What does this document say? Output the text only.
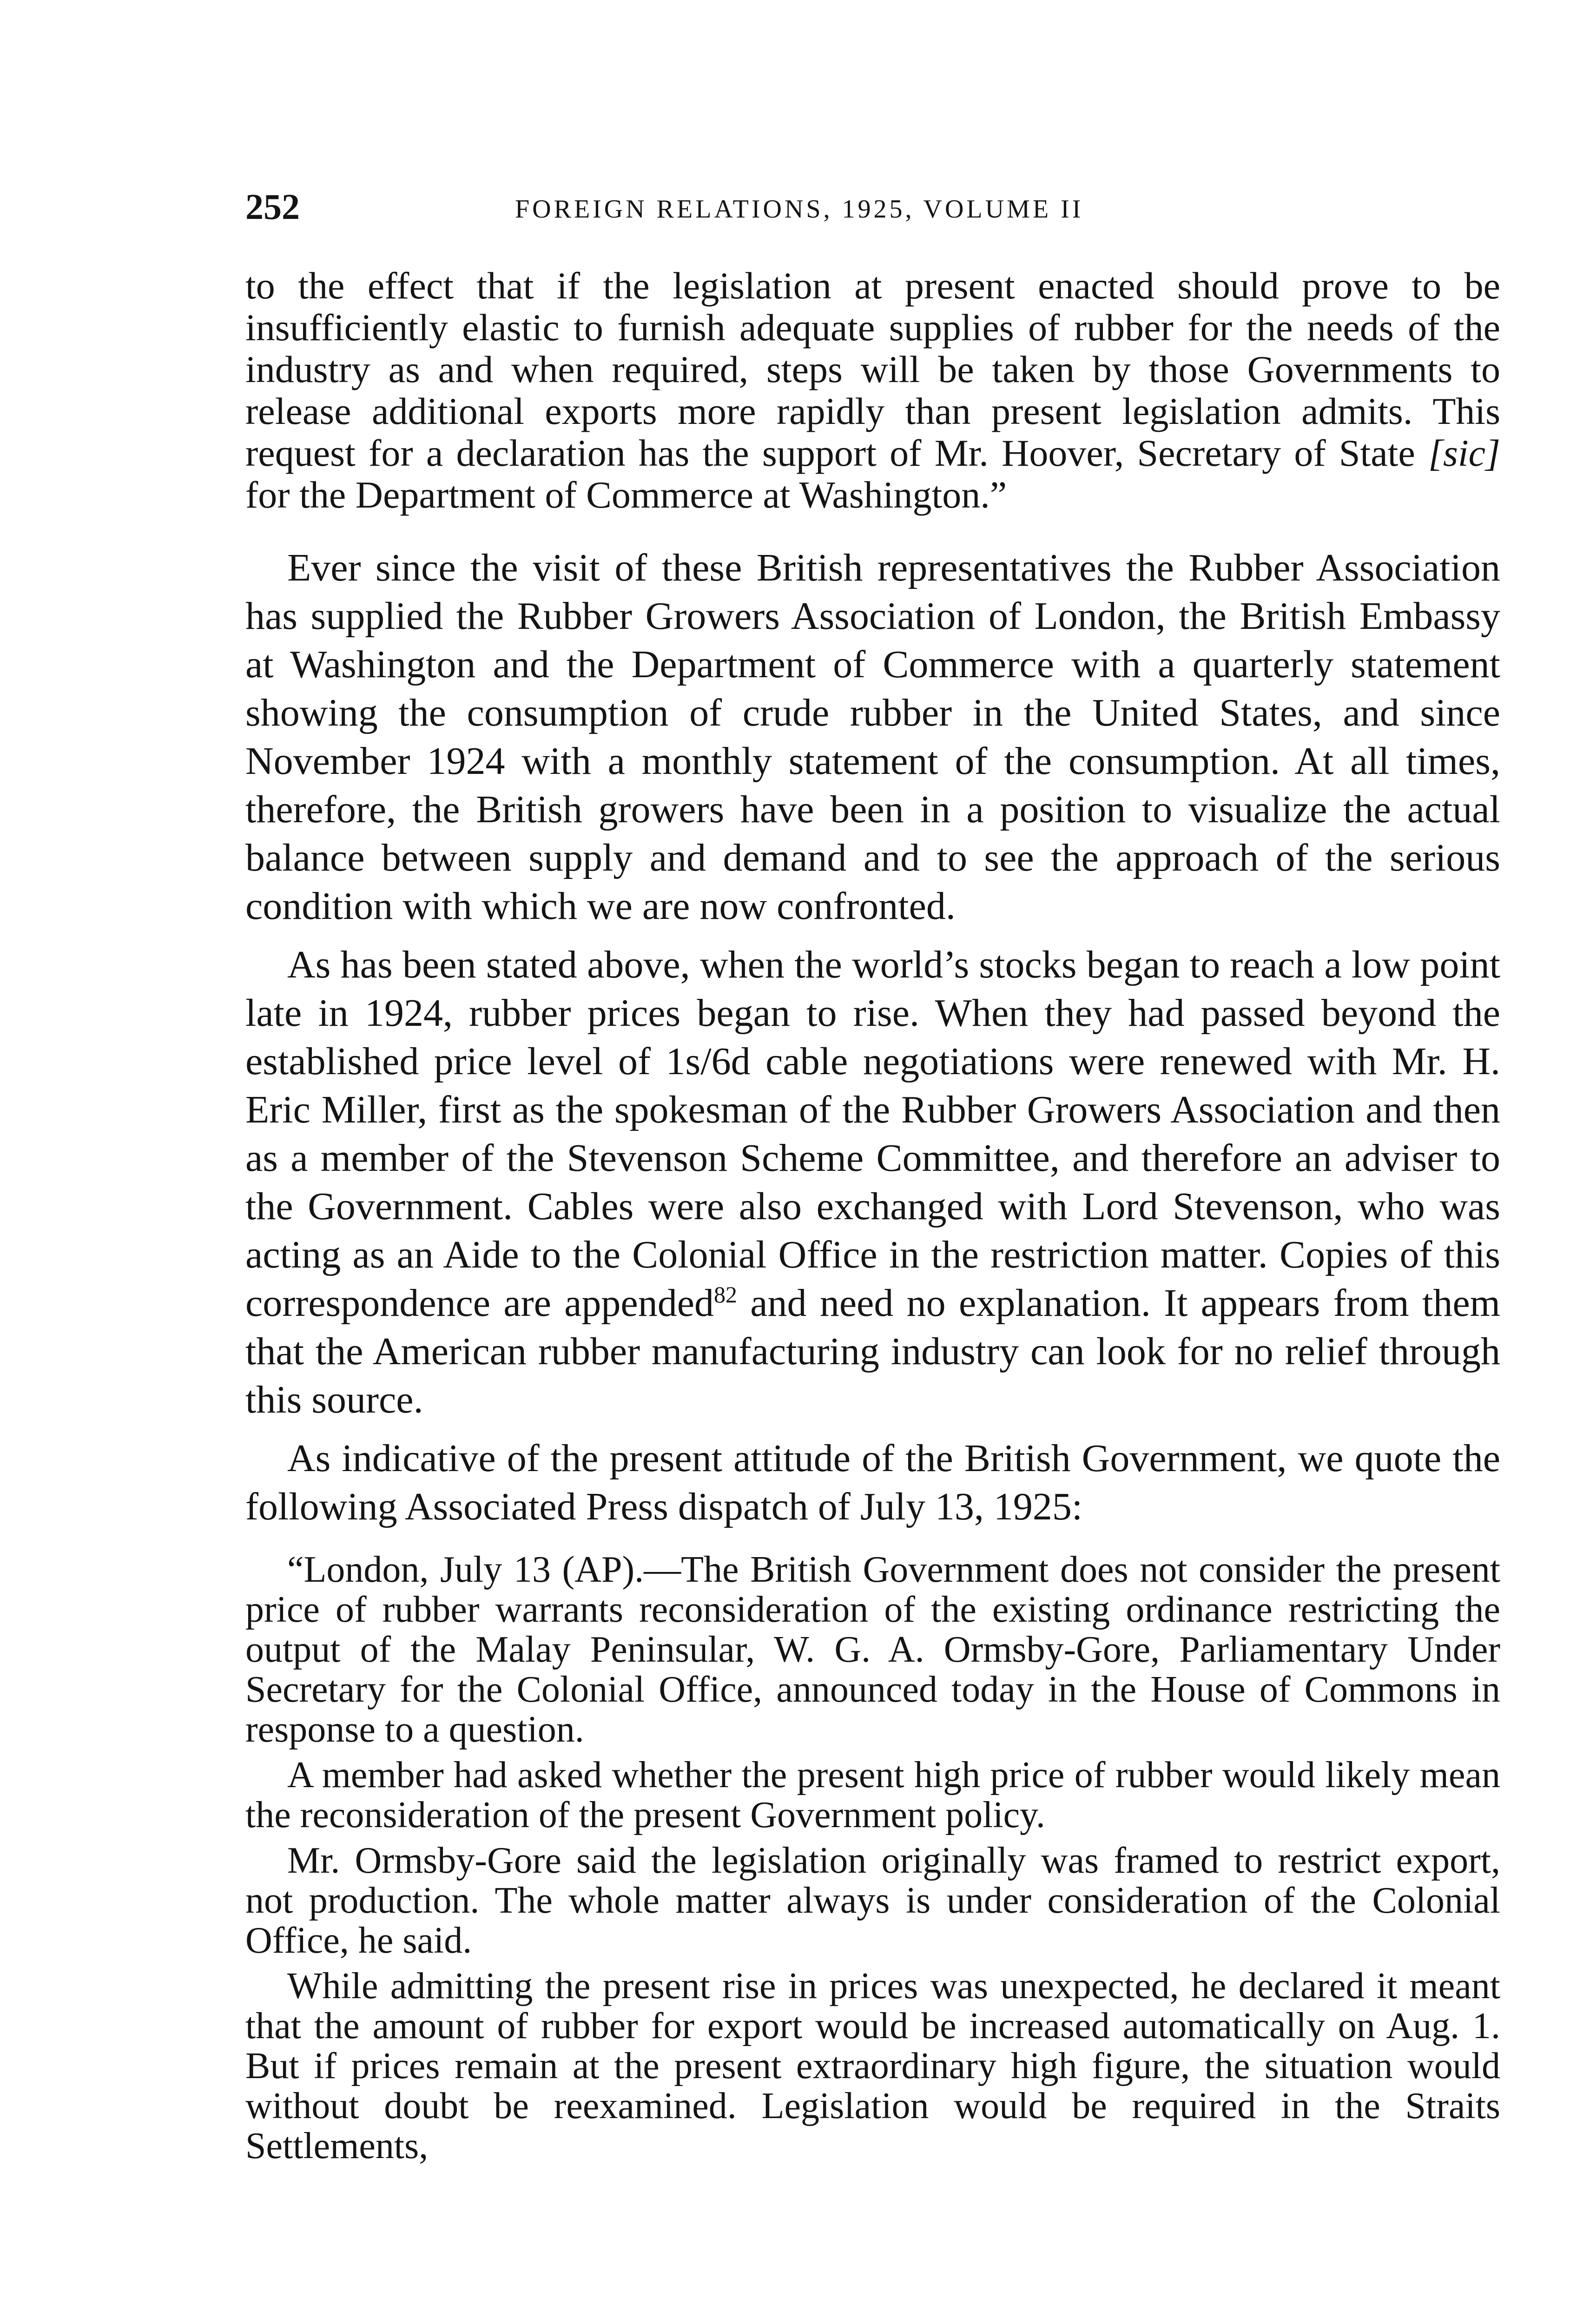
252	FOREIGN RELATIONS, 1925, VOLUME II

to the effect that if the legislation at present enacted should prove to be insufficiently elastic to furnish adequate supplies of rubber for the needs of the industry as and when required, steps will be taken by those Governments to release additional exports more rapidly than present legislation admits. This request for a declaration has the support of Mr. Hoover, Secretary of State [sic] for the Department of Commerce at Washington.”

Ever since the visit of these British representatives the Rubber Association has supplied the Rubber Growers Association of London, the British Embassy at Washington and the Department of Commerce with a quarterly statement showing the consumption of crude rubber in the United States, and since November 1924 with a monthly statement of the consumption. At all times, therefore, the British growers have been in a position to visualize the actual balance between supply and demand and to see the approach of the serious condition with which we are now confronted.

As has been stated above, when the world’s stocks began to reach a low point late in 1924, rubber prices began to rise. When they had passed beyond the established price level of 1s/6d cable negotiations were renewed with Mr. H. Eric Miller, first as the spokesman of the Rubber Growers Association and then as a member of the Stevenson Scheme Committee, and therefore an adviser to the Government. Cables were also exchanged with Lord Stevenson, who was acting as an Aide to the Colonial Office in the restriction matter. Copies of this correspondence are appended$^{82}$ and need no explanation. It appears from them that the American rubber manufacturing industry can look for no relief through this source.

As indicative of the present attitude of the British Government, we quote the following Associated Press dispatch of July 13, 1925:

“London, July 13 (AP).—The British Government does not consider the present price of rubber warrants reconsideration of the existing ordinance restricting the output of the Malay Peninsular, W. G. A. Ormsby-Gore, Parliamentary Under Secretary for the Colonial Office, announced today in the House of Commons in response to a question.

A member had asked whether the present high price of rubber would likely mean the reconsideration of the present Government policy.

Mr. Ormsby-Gore said the legislation originally was framed to restrict export, not production. The whole matter always is under consideration of the Colonial Office, he said.

While admitting the present rise in prices was unexpected, he declared it meant that the amount of rubber for export would be increased automatically on Aug. 1. But if prices remain at the present extraordinary high figure, the situation would without doubt be reexamined. Legislation would be required in the Straits Settlements,
